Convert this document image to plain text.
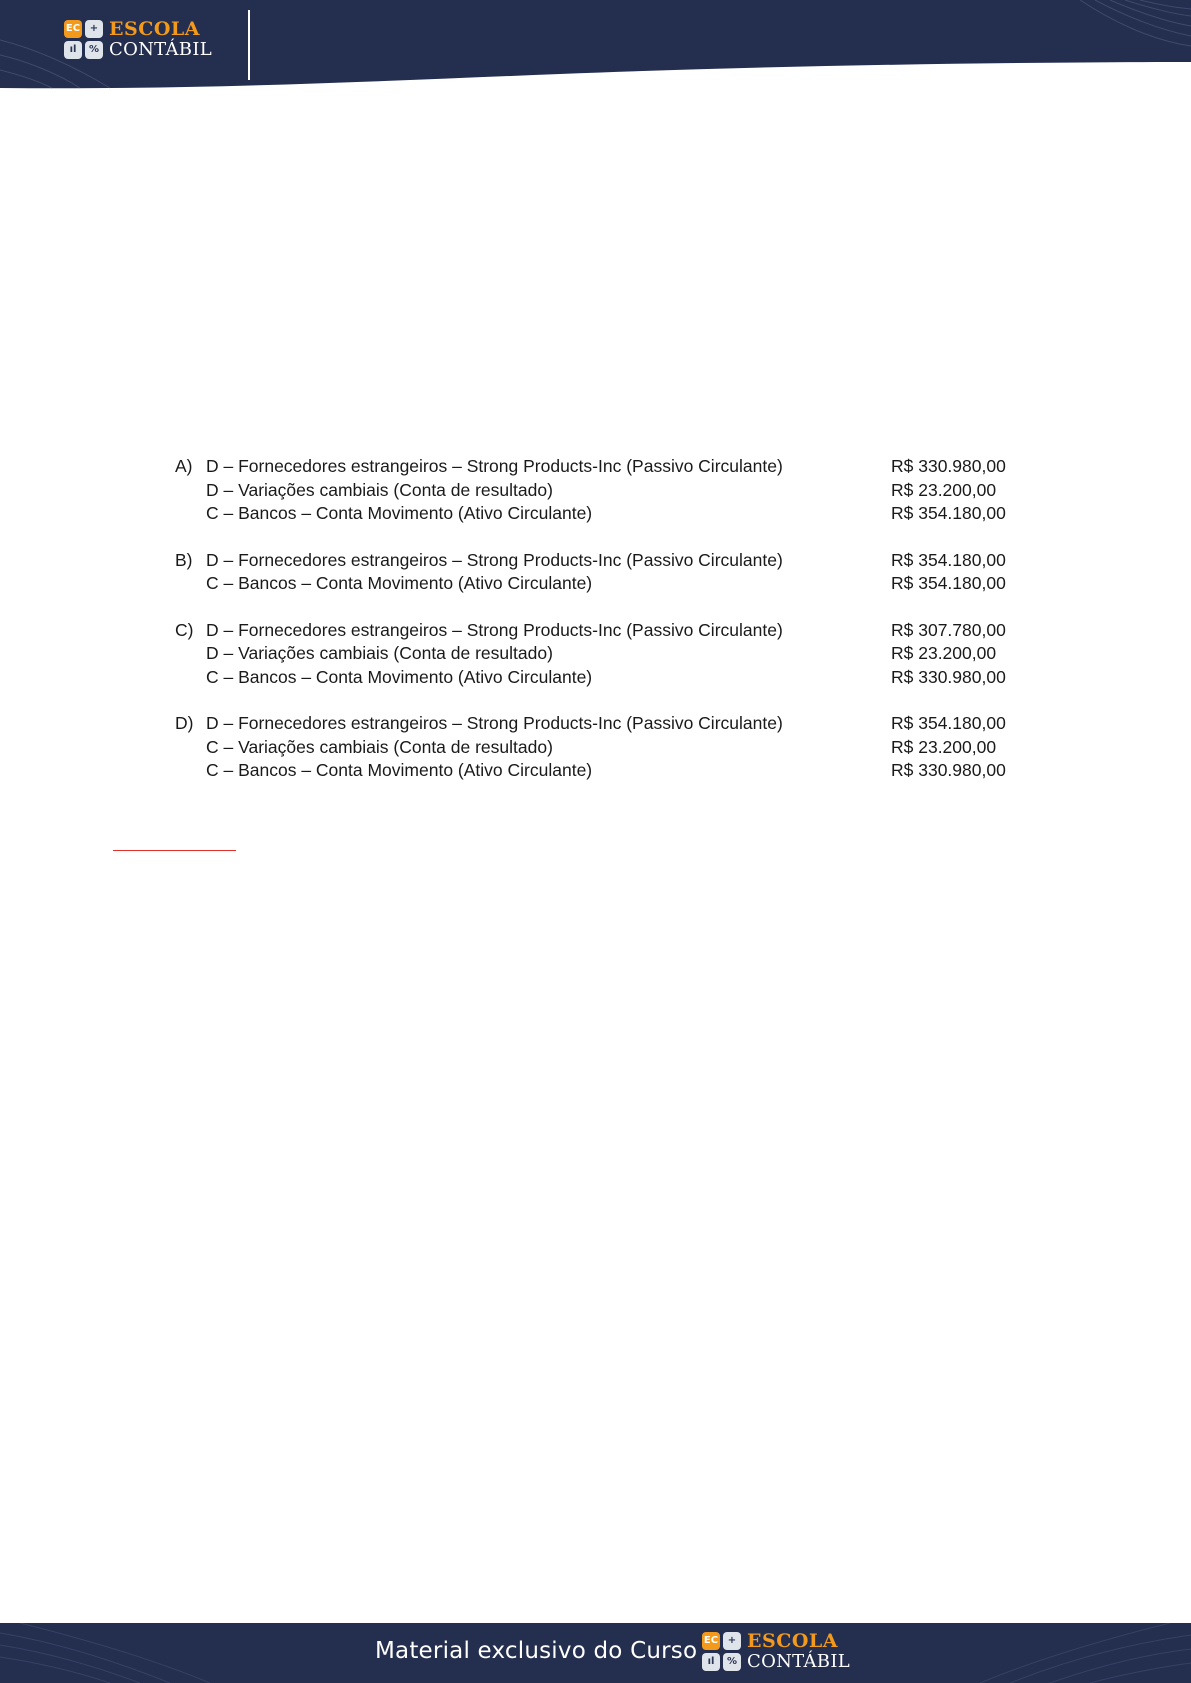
EC +
ıl	%
ESCOLA
CONTÁBIL
A) D – Fornecedores estrangeiros – Strong Products-Inc (Passivo Circulante)	R$ 330.980,00
D – Variações cambiais (Conta de resultado)	R$ 23.200,00
C – Bancos – Conta Movimento (Ativo Circulante)	R$ 354.180,00
B) D – Fornecedores estrangeiros – Strong Products-Inc (Passivo Circulante)	R$ 354.180,00
C – Bancos – Conta Movimento (Ativo Circulante)	R$ 354.180,00
C) D – Fornecedores estrangeiros – Strong Products-Inc (Passivo Circulante)	R$ 307.780,00
D – Variações cambiais (Conta de resultado)	R$ 23.200,00
C – Bancos – Conta Movimento (Ativo Circulante)	R$ 330.980,00
D) D – Fornecedores estrangeiros – Strong Products-Inc (Passivo Circulante)	R$ 354.180,00
C – Variações cambiais (Conta de resultado)	R$ 23.200,00
C – Bancos – Conta Movimento (Ativo Circulante)	R$ 330.980,00
Material exclusivo do Curso EC +
ıl	%
ESCOLA
CONTÁBIL
